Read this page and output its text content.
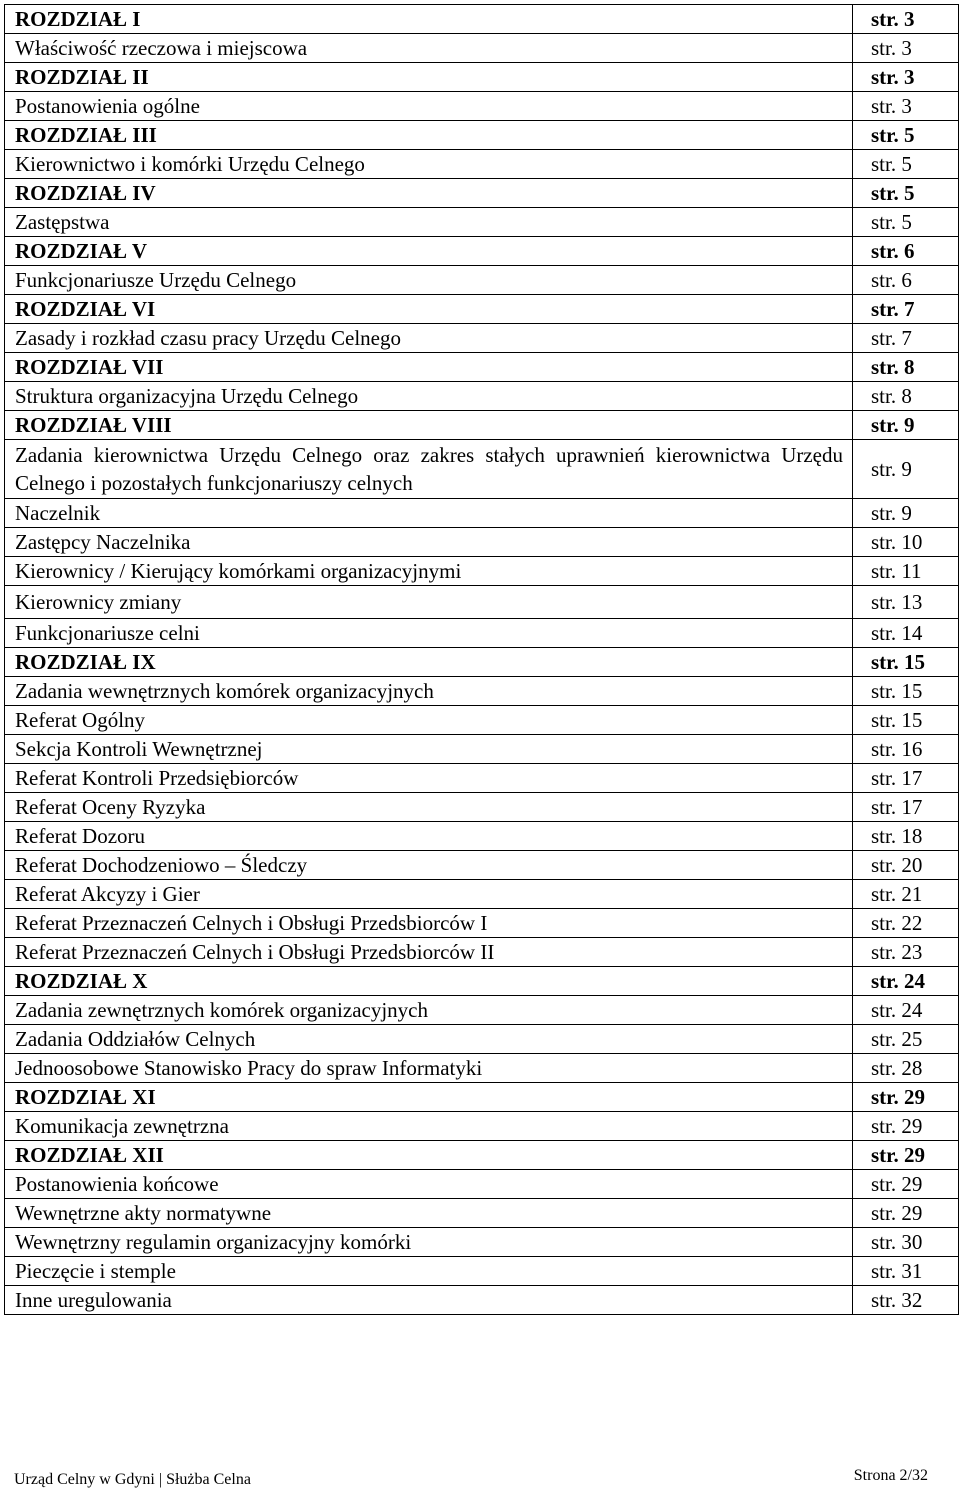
ROZDZIAŁ I	str. 3
Właściwość rzeczowa i miejscowa	str. 3
ROZDZIAŁ II	str. 3
Postanowienia ogólne	str. 3
ROZDZIAŁ III	str. 5
Kierownictwo i komórki Urzędu Celnego	str. 5
ROZDZIAŁ IV	str. 5
Zastępstwa	str. 5
ROZDZIAŁ V	str. 6
Funkcjonariusze Urzędu Celnego	str. 6
ROZDZIAŁ VI	str. 7
Zasady i rozkład czasu pracy Urzędu Celnego	str. 7
ROZDZIAŁ VII	str. 8
Struktura organizacyjna Urzędu Celnego	str. 8
ROZDZIAŁ VIII	str. 9
Zadania kierownictwa Urzędu Celnego oraz zakres stałych uprawnień kierownictwa Urzędu Celnego i pozostałych funkcjonariuszy celnych	str. 9
Naczelnik	str. 9
Zastępcy Naczelnika	str. 10
Kierownicy / Kierujący komórkami organizacyjnymi	str. 11
Kierownicy zmiany	str. 13
Funkcjonariusze celni	str. 14
ROZDZIAŁ IX	str. 15
Zadania wewnętrznych komórek organizacyjnych	str. 15
Referat Ogólny	str. 15
Sekcja Kontroli Wewnętrznej	str. 16
Referat Kontroli Przedsiębiorców	str. 17
Referat Oceny Ryzyka	str. 17
Referat Dozoru	str. 18
Referat Dochodzeniowo – Śledczy	str. 20
Referat Akcyzy i Gier	str. 21
Referat Przeznaczeń Celnych i Obsługi Przedsbiorców I	str. 22
Referat Przeznaczeń Celnych i Obsługi Przedsbiorców II	str. 23
ROZDZIAŁ X	str. 24
Zadania zewnętrznych komórek organizacyjnych	str. 24
Zadania Oddziałów Celnych	str. 25
Jednoosobowe Stanowisko Pracy do spraw Informatyki	str. 28
ROZDZIAŁ XI	str. 29
Komunikacja zewnętrzna	str. 29
ROZDZIAŁ XII	str. 29
Postanowienia końcowe	str. 29
Wewnętrzne akty normatywne	str. 29
Wewnętrzny regulamin organizacyjny komórki	str. 30
Pieczęcie i stemple	str. 31
Inne uregulowania	str. 32
Urząd Celny w Gdyni | Służba Celna	Strona 2/32
